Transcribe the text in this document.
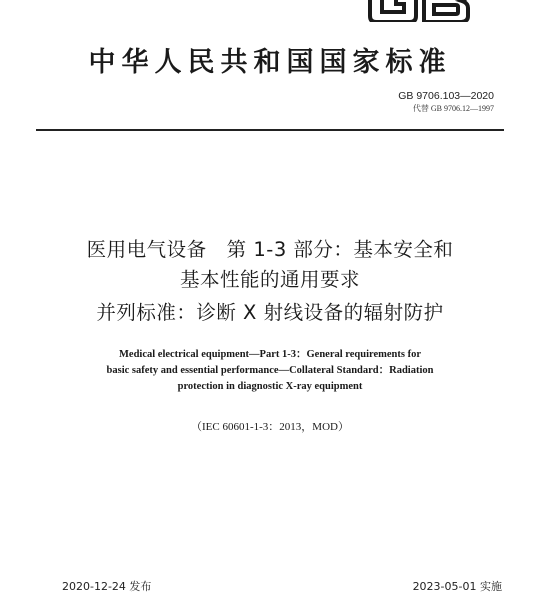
中华人民共和国国家标准
GB 9706.103—2020
代替 GB 9706.12—1997
医用电气设备   第 1-3 部分：基本安全和
基本性能的通用要求
并列标准：诊断 X 射线设备的辐射防护
Medical electrical equipment—Part 1-3：General requirements for
basic safety and essential performance—Collateral Standard：Radiation
protection in diagnostic X-ray equipment
（IEC 60601-1-3：2013，MOD）
2020-12-24 发布	2023-05-01 实施
